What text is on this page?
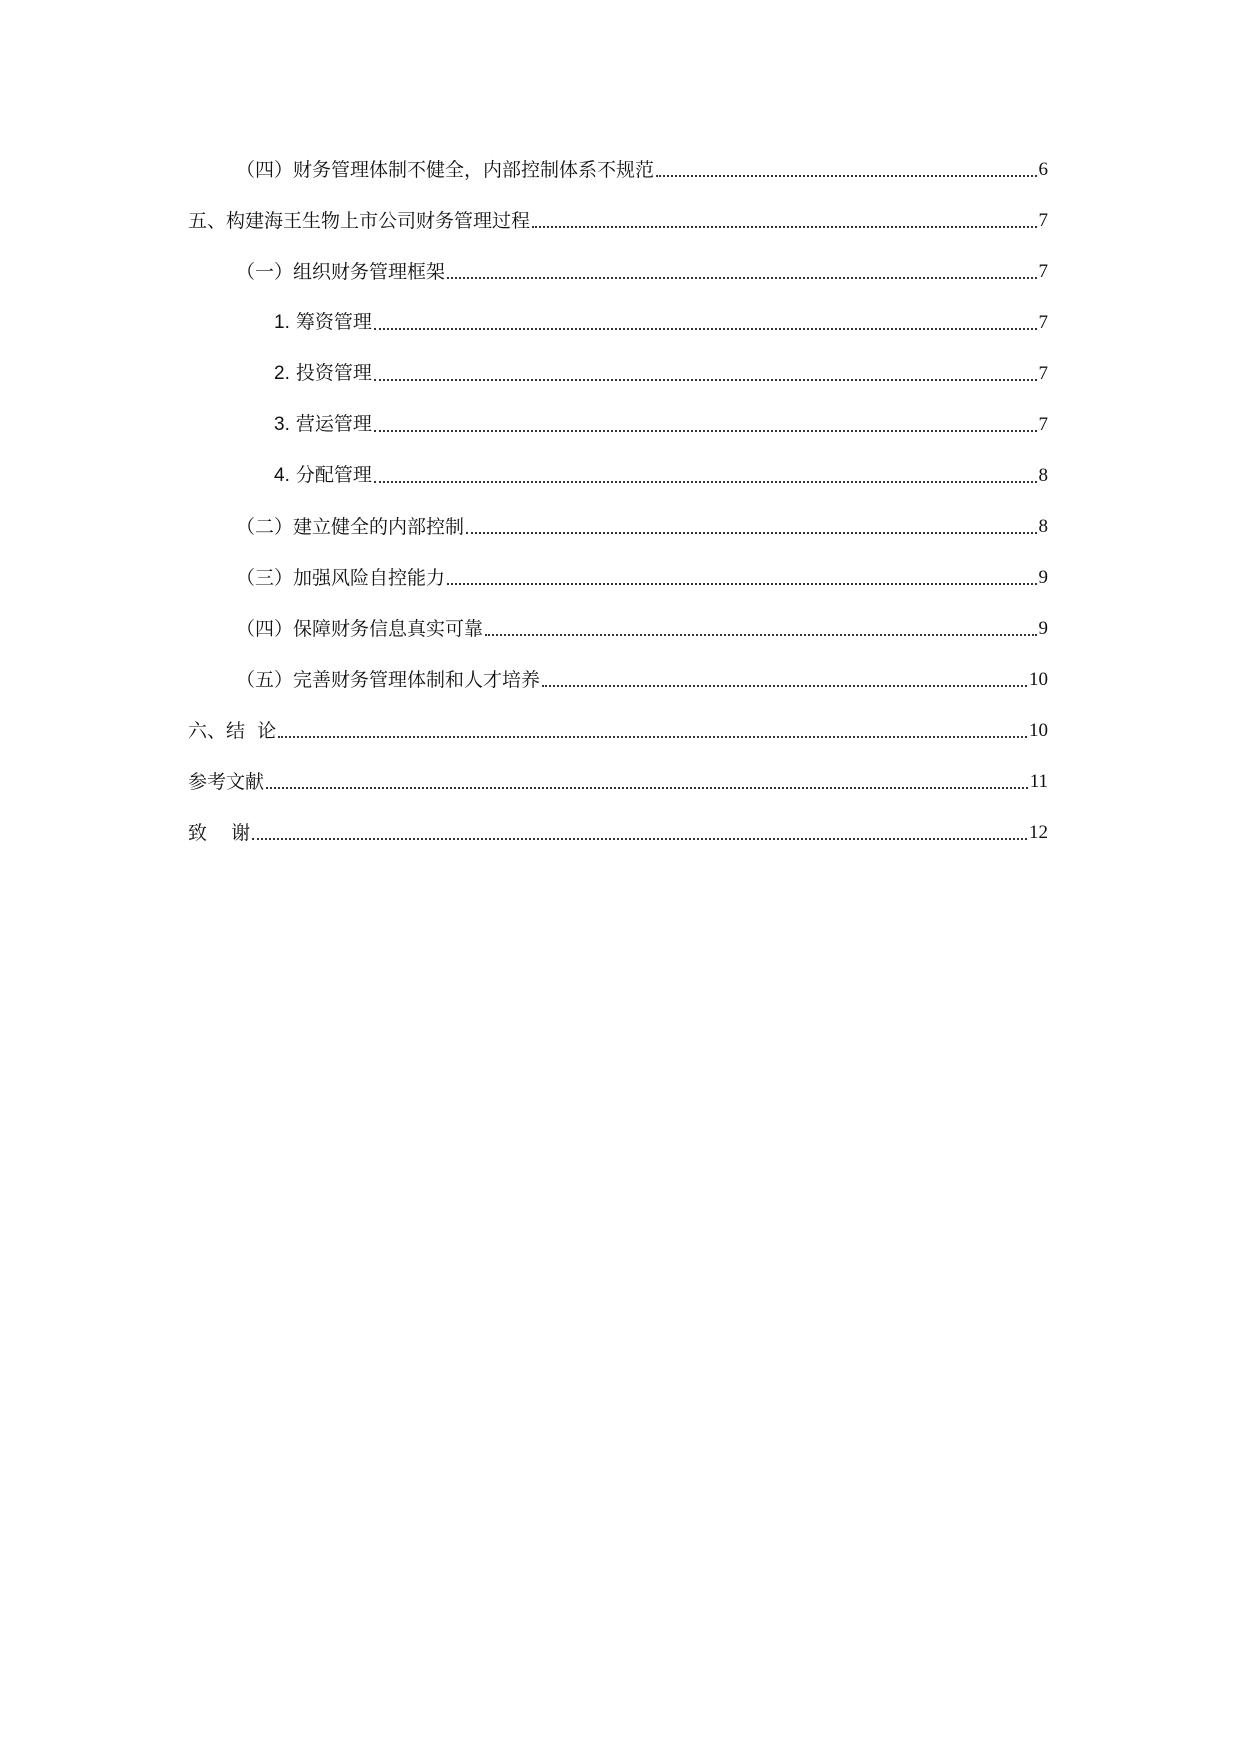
（四）财务管理体制不健全，内部控制体系不规范	6
五、构建海王生物上市公司财务管理过程	7
（一）组织财务管理框架	7
1. 筹资管理	7
2. 投资管理	7
3. 营运管理	7
4. 分配管理	8
（二）建立健全的内部控制	8
（三）加强风险自控能力	9
（四）保障财务信息真实可靠	9
（五）完善财务管理体制和人才培养	10
六、结  论	10
参考文献	11
致    谢	12
